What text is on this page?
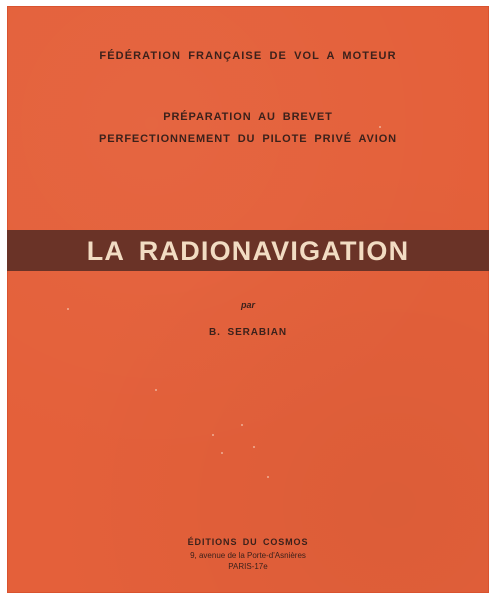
FÉDÉRATION FRANÇAISE DE VOL A MOTEUR
PRÉPARATION AU BREVET
PERFECTIONNEMENT DU PILOTE PRIVÉ AVION
LA RADIONAVIGATION
par
B. SERABIAN
ÉDITIONS DU COSMOS
9, avenue de la Porte-d'Asnières
PARIS-17e
